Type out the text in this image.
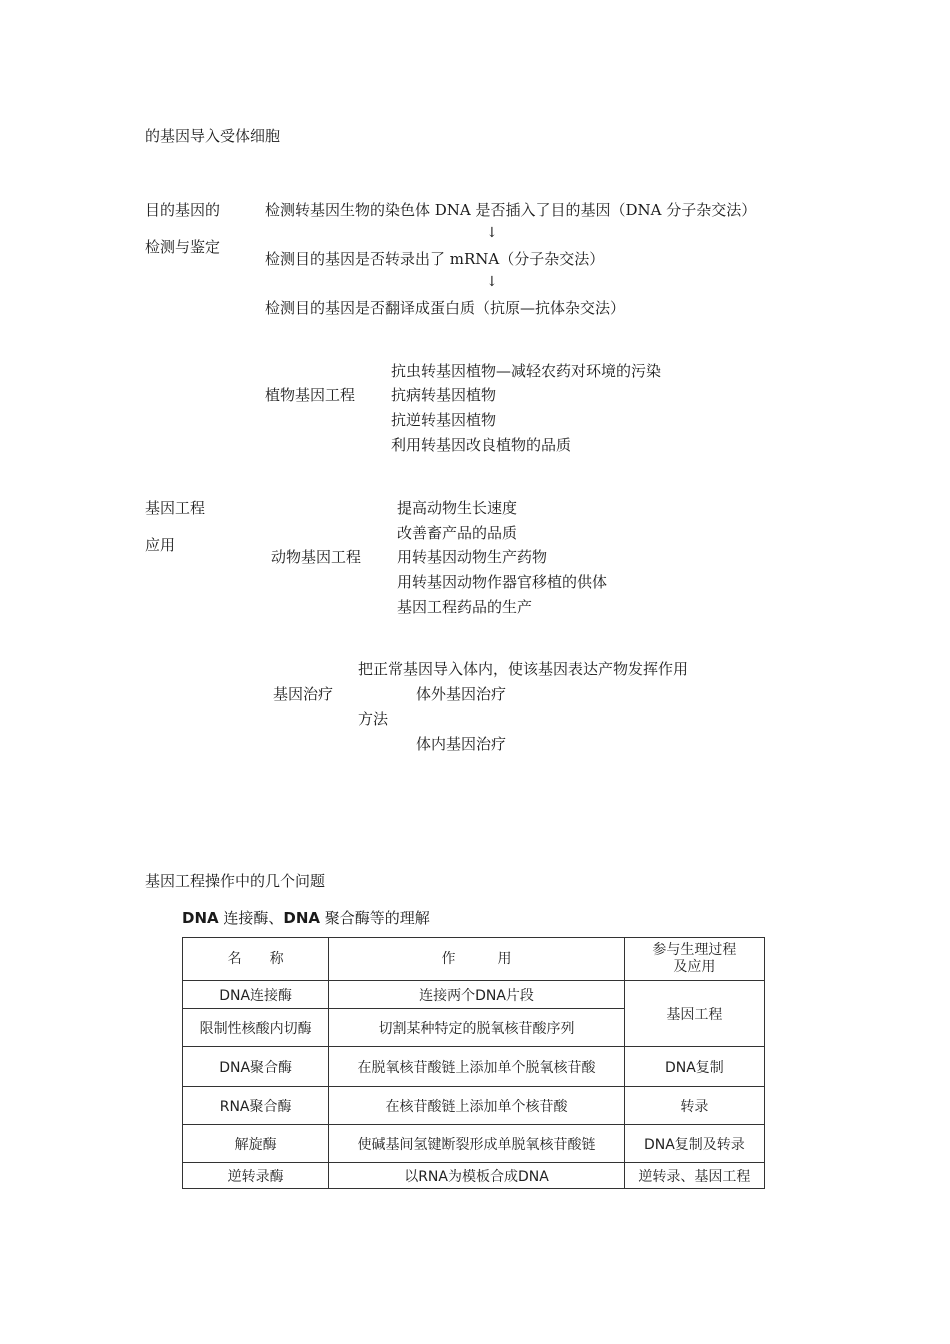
的基因导入受体细胞
目的基因的
检测与鉴定
检测转基因生物的染色体 DNA 是否插入了目的基因（DNA 分子杂交法）
↓
检测目的基因是否转录出了 mRNA（分子杂交法）
↓
检测目的基因是否翻译成蛋白质（抗原—抗体杂交法）
植物基因工程
抗虫转基因植物—减轻农药对环境的污染
抗病转基因植物
抗逆转基因植物
利用转基因改良植物的品质
基因工程
应用
动物基因工程
提高动物生长速度
改善畜产品的品质
用转基因动物生产药物
用转基因动物作器官移植的供体
基因工程药品的生产
把正常基因导入体内，使该基因表达产物发挥作用
基因治疗	体外基因治疗
方法
体内基因治疗
基因工程操作中的几个问题
DNA 连接酶、DNA 聚合酶等的理解
名　　称	作　　　用	参与生理过程
及应用
DNA连接酶	连接两个DNA片段	基因工程
限制性核酸内切酶	切割某种特定的脱氧核苷酸序列	
DNA聚合酶	在脱氧核苷酸链上添加单个脱氧核苷酸	DNA复制
RNA聚合酶	在核苷酸链上添加单个核苷酸	转录
解旋酶	使碱基间氢键断裂形成单脱氧核苷酸链	DNA复制及转录
逆转录酶	以RNA为模板合成DNA	逆转录、基因工程
